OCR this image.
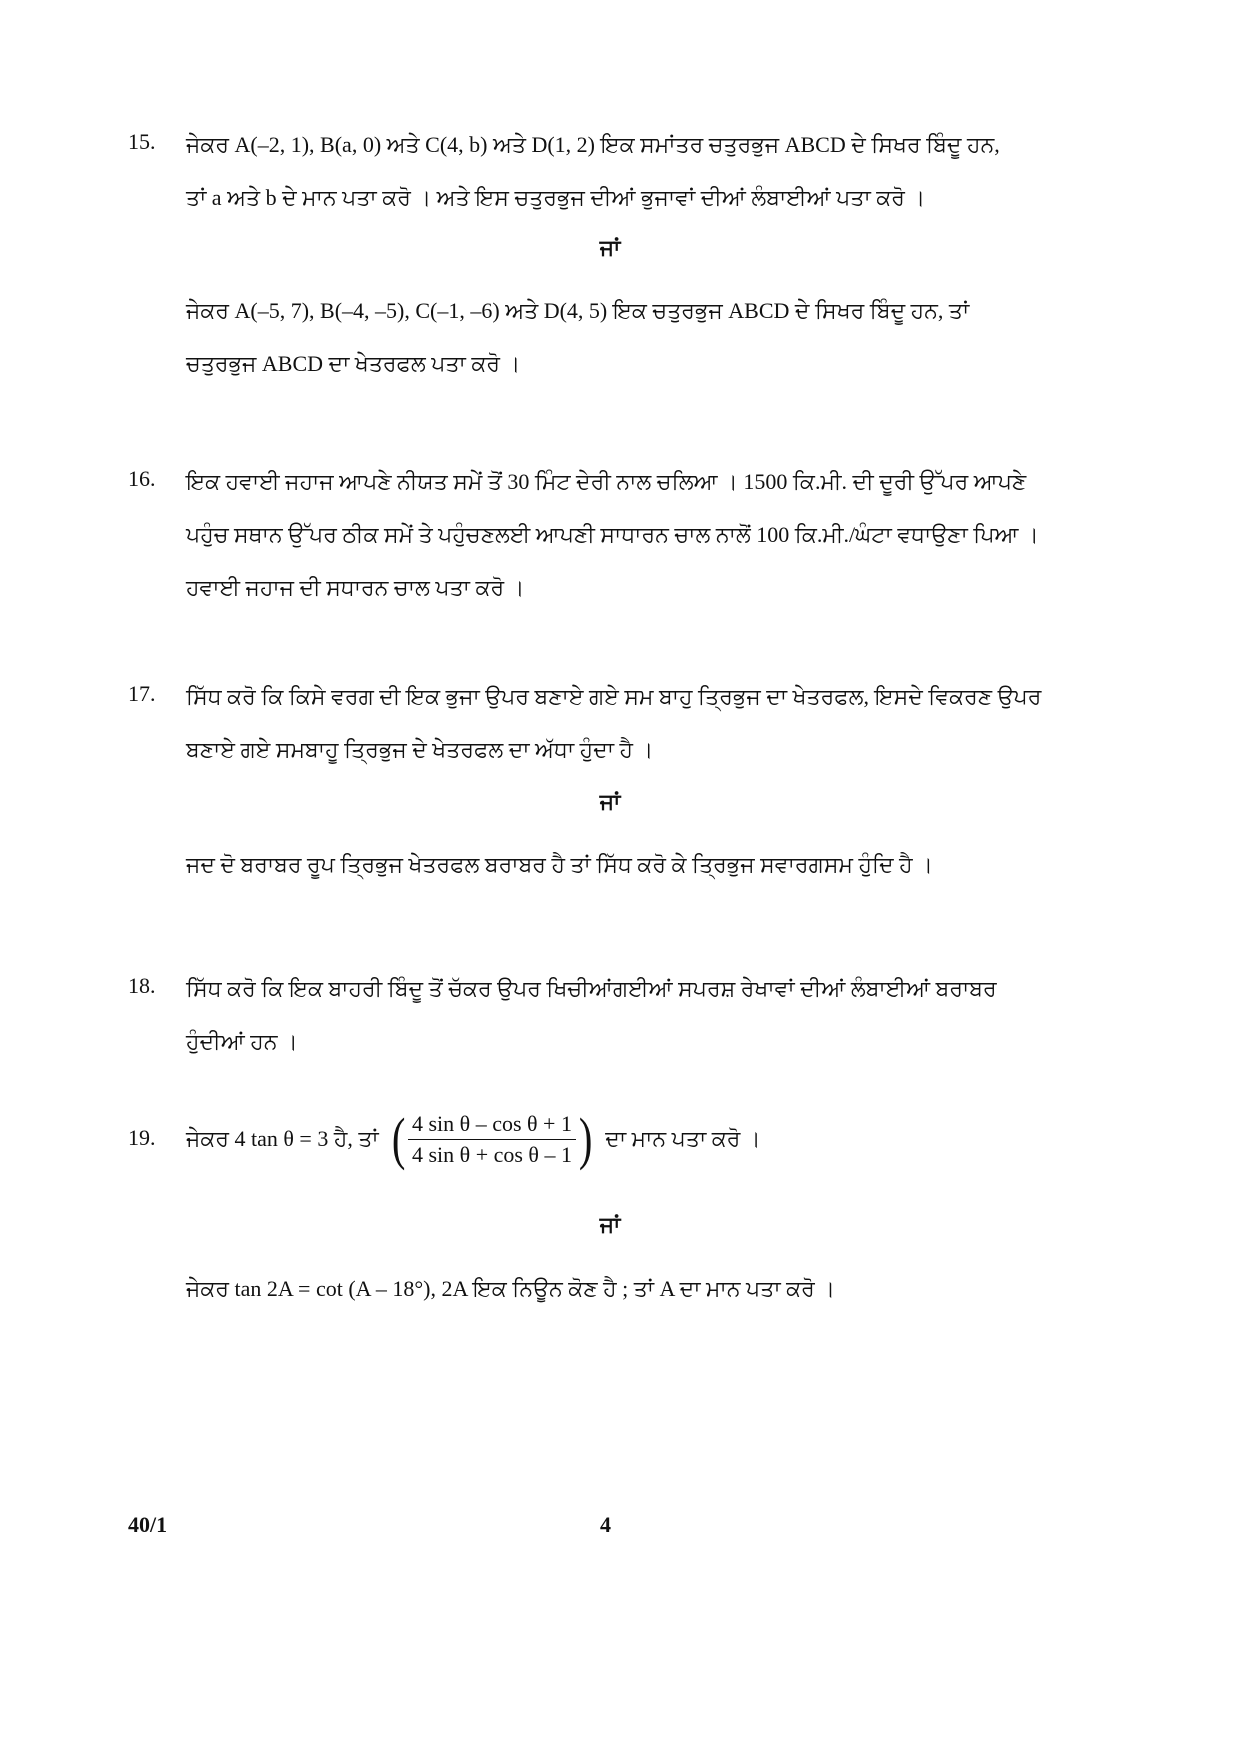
15.	ਜੇਕਰ A(–2, 1), B(a, 0) ਅਤੇ C(4, b) ਅਤੇ D(1, 2) ਇਕ ਸਮਾਂਤਰ ਚਤੁਰਭੁਜ ABCD ਦੇ ਸਿਖਰ ਬਿੰਦੂ ਹਨ,
ਤਾਂ a ਅਤੇ b ਦੇ ਮਾਨ ਪਤਾ ਕਰੋ । ਅਤੇ ਇਸ ਚਤੁਰਭੁਜ ਦੀਆਂ ਭੁਜਾਵਾਂ ਦੀਆਂ ਲੰਬਾਈਆਂ ਪਤਾ ਕਰੋ ।
ਜਾਂ
ਜੇਕਰ A(–5, 7), B(–4, –5), C(–1, –6) ਅਤੇ D(4, 5) ਇਕ ਚਤੁਰਭੁਜ ABCD ਦੇ ਸਿਖਰ ਬਿੰਦੂ ਹਨ, ਤਾਂ
ਚਤੁਰਭੁਜ ABCD ਦਾ ਖੇਤਰਫਲ ਪਤਾ ਕਰੋ ।
16.	ਇਕ ਹਵਾਈ ਜਹਾਜ ਆਪਣੇ ਨੀਯਤ ਸਮੇਂ ਤੋਂ 30 ਮਿੰਟ ਦੇਰੀ ਨਾਲ ਚਲਿਆ । 1500 ਕਿ.ਮੀ. ਦੀ ਦੂਰੀ ਉੱਪਰ ਆਪਣੇ
ਪਹੁੰਚ ਸਥਾਨ ਉੱਪਰ ਠੀਕ ਸਮੇਂ ਤੇ ਪਹੁੰਚਣਲਈ ਆਪਣੀ ਸਾਧਾਰਨ ਚਾਲ ਨਾਲੋਂ 100 ਕਿ.ਮੀ./ਘੰਟਾ ਵਧਾਉਣਾ ਪਿਆ ।
ਹਵਾਈ ਜਹਾਜ ਦੀ ਸਧਾਰਨ ਚਾਲ ਪਤਾ ਕਰੋ ।
17.	ਸਿੱਧ ਕਰੋ ਕਿ ਕਿਸੇ ਵਰਗ ਦੀ ਇਕ ਭੁਜਾ ਉਪਰ ਬਣਾਏ ਗਏ ਸਮ ਬਾਹੁ ਤ੍ਰਿਭੁਜ ਦਾ ਖੇਤਰਫਲ, ਇਸਦੇ ਵਿਕਰਣ ਉਪਰ
ਬਣਾਏ ਗਏ ਸਮਬਾਹੂ ਤ੍ਰਿਭੁਜ ਦੇ ਖੇਤਰਫਲ ਦਾ ਅੱਧਾ ਹੁੰਦਾ ਹੈ ।
ਜਾਂ
ਜਦ ਦੋ ਬਰਾਬਰ ਰੂਪ ਤ੍ਰਿਭੁਜ ਖੇਤਰਫਲ ਬਰਾਬਰ ਹੈ ਤਾਂ ਸਿੱਧ ਕਰੋ ਕੇ ਤ੍ਰਿਭੁਜ ਸਵਾਰਗਸਮ ਹੁੰਦਿ ਹੈ ।
18.	ਸਿੱਧ ਕਰੋ ਕਿ ਇਕ ਬਾਹਰੀ ਬਿੰਦੂ ਤੋਂ ਚੱਕਰ ਉਪਰ ਖਿਚੀਆਂਗਈਆਂ ਸਪਰਸ਼ ਰੇਖਾਵਾਂ ਦੀਆਂ ਲੰਬਾਈਆਂ ਬਰਾਬਰ
ਹੁੰਦੀਆਂ ਹਨ ।
19.	ਜੇਕਰ 4 tan θ = 3 ਹੈ, ਤਾਂ ( $\frac{\text{4 sin θ – cos θ + 1}}{\text{4 sin θ + cos θ – 1}}$ ) ਦਾ ਮਾਨ ਪਤਾ ਕਰੋ ।
ਜਾਂ
ਜੇਕਰ tan 2A = cot (A – 18°), 2A ਇਕ ਨਿਊਨ ਕੋਣ ਹੈ ; ਤਾਂ A ਦਾ ਮਾਨ ਪਤਾ ਕਰੋ ।
40/1	4
